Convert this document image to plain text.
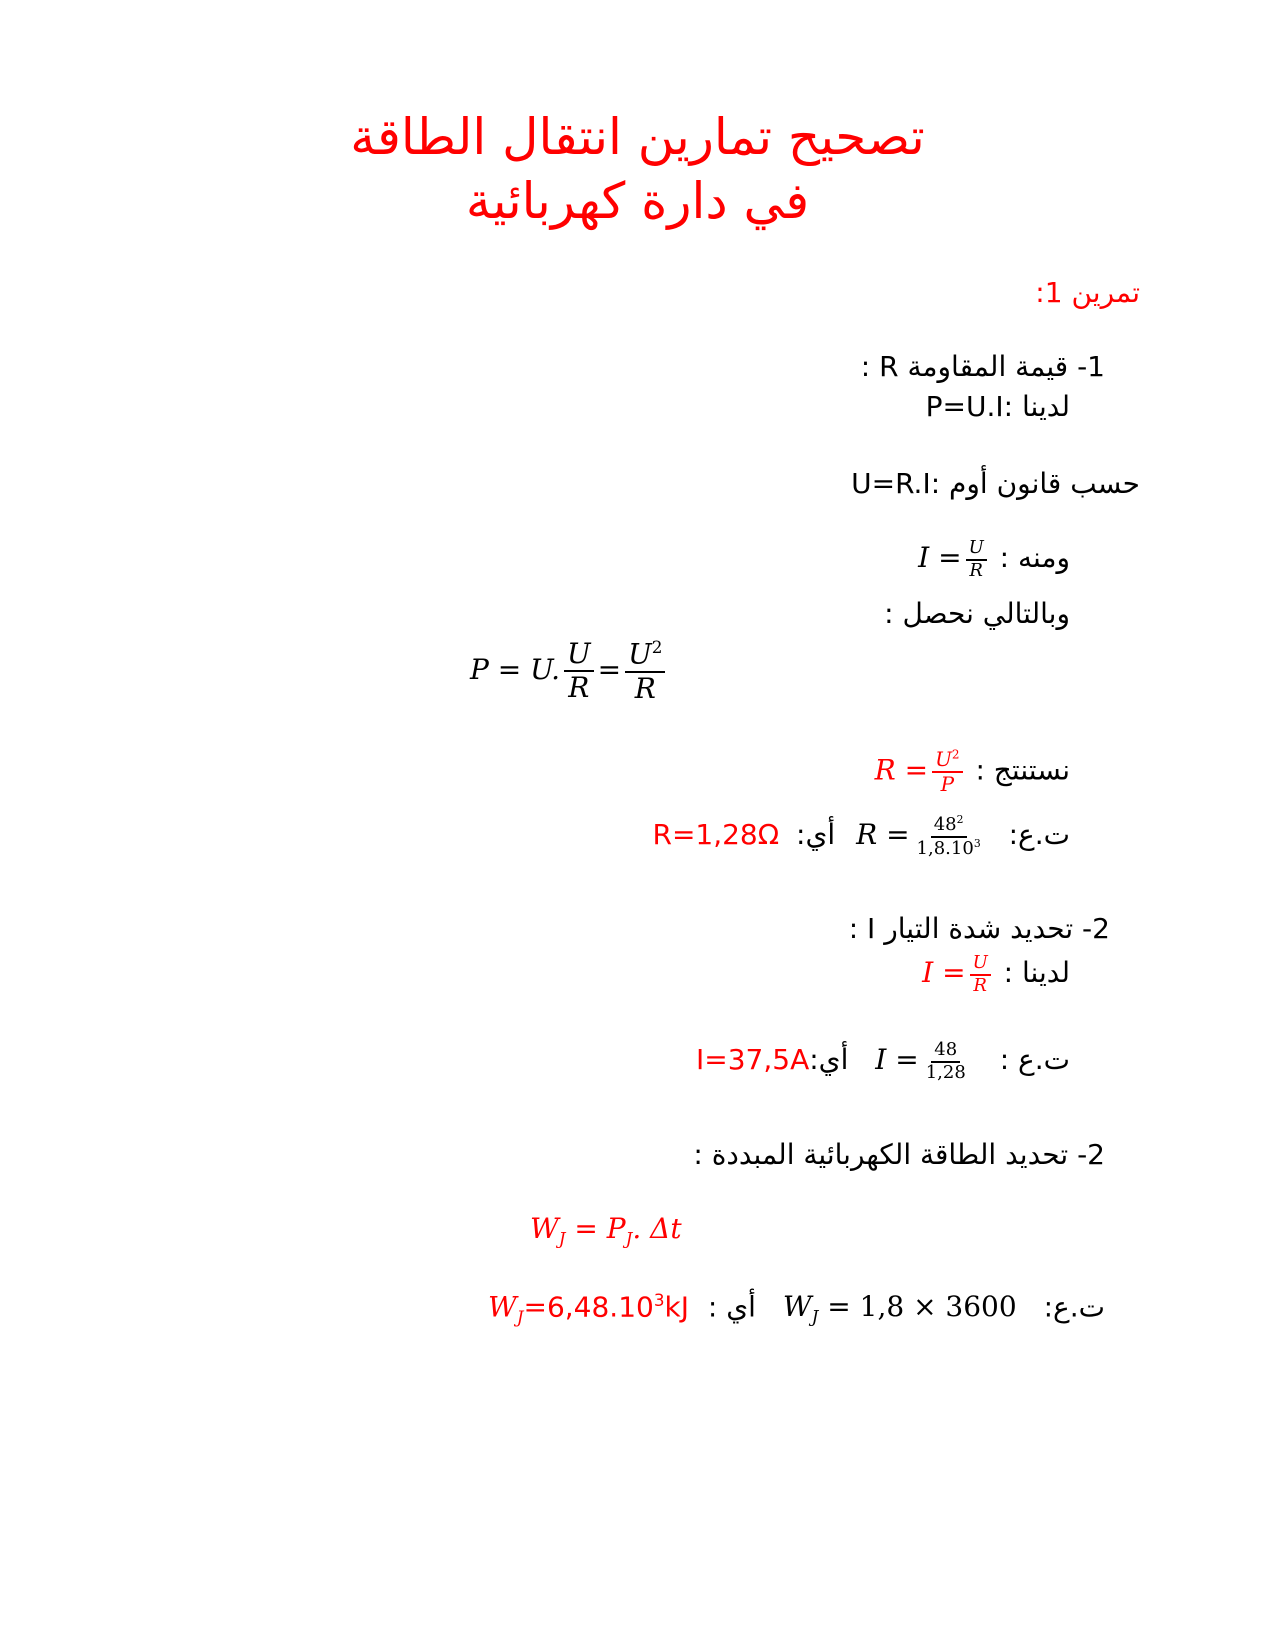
تصحيح تمارين انتقال الطاقة
في دارة كهربائية
تمرين 1:
1- قيمة المقاومة R :
لدينا :P=U.I
حسب قانون أوم :U=R.I
ومنه : $I = \frac{U}{R}$
وبالتالي نحصل :
P = U. $\frac{U}{R} = \frac{U^2}{R}$
نستنتج : $R = \frac{U^2}{P}$
ت.ع: $R = \frac{48^2}{1,8.10^3}$
أي: R=1,28Ω
2- تحديد شدة التيار I :
لدينا : $I = \frac{U}{R}$
ت.ع : $I = \frac{48}{1,28}$
أي:I=37,5A
2- تحديد الطاقة الكهربائية المبددة :
$W_J = P_J$. Δt
ت.ع: $W_J = 1,8 \times 3600$ أي : $W_J=6,48.10^3kJ$
